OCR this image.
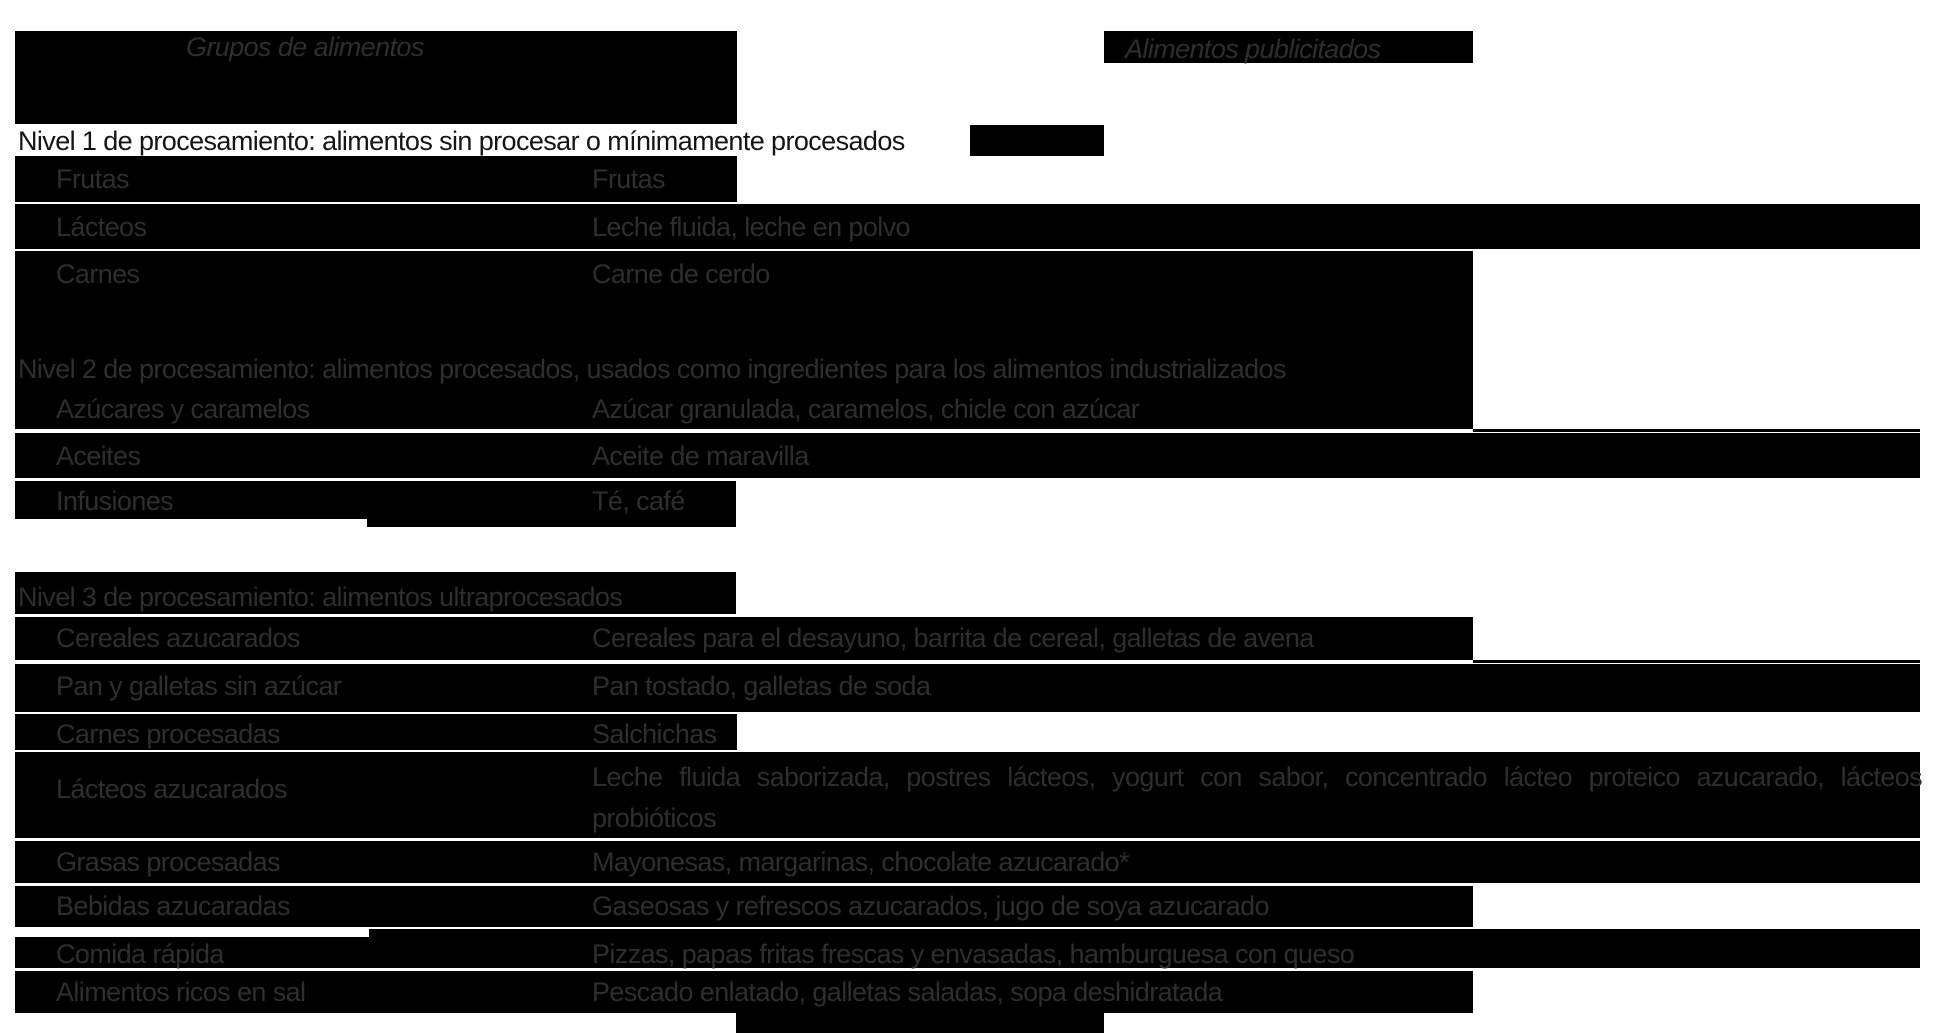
Grupos de alimentos	Alimentos publicitados
Nivel 1 de procesamiento: alimentos sin procesar o mínimamente procesados
Frutas	Frutas
Lácteos	Leche fluida, leche en polvo
Carnes	Carne de cerdo
Nivel 2 de procesamiento: alimentos procesados, usados como ingredientes para los alimentos industrializados
Azúcares y caramelos	Azúcar granulada, caramelos, chicle con azúcar
Aceites	Aceite de maravilla
Infusiones	Té, café
Nivel 3 de procesamiento: alimentos ultraprocesados
Cereales azucarados	Cereales para el desayuno, barrita de cereal, galletas de avena
Pan y galletas sin azúcar	Pan tostado, galletas de soda
Carnes procesadas	Salchichas
Lácteos azucarados	Leche fluida saborizada, postres lácteos, yogurt con sabor, concentrado lácteo proteico azucarado, lácteos probióticos
Grasas procesadas	Mayonesas, margarinas, chocolate azucarado*
Bebidas azucaradas	Gaseosas y refrescos azucarados, jugo de soya azucarado
Comida rápida	Pizzas, papas fritas frescas y envasadas, hamburguesa con queso
Alimentos ricos en sal	Pescado enlatado, galletas saladas, sopa deshidratada
